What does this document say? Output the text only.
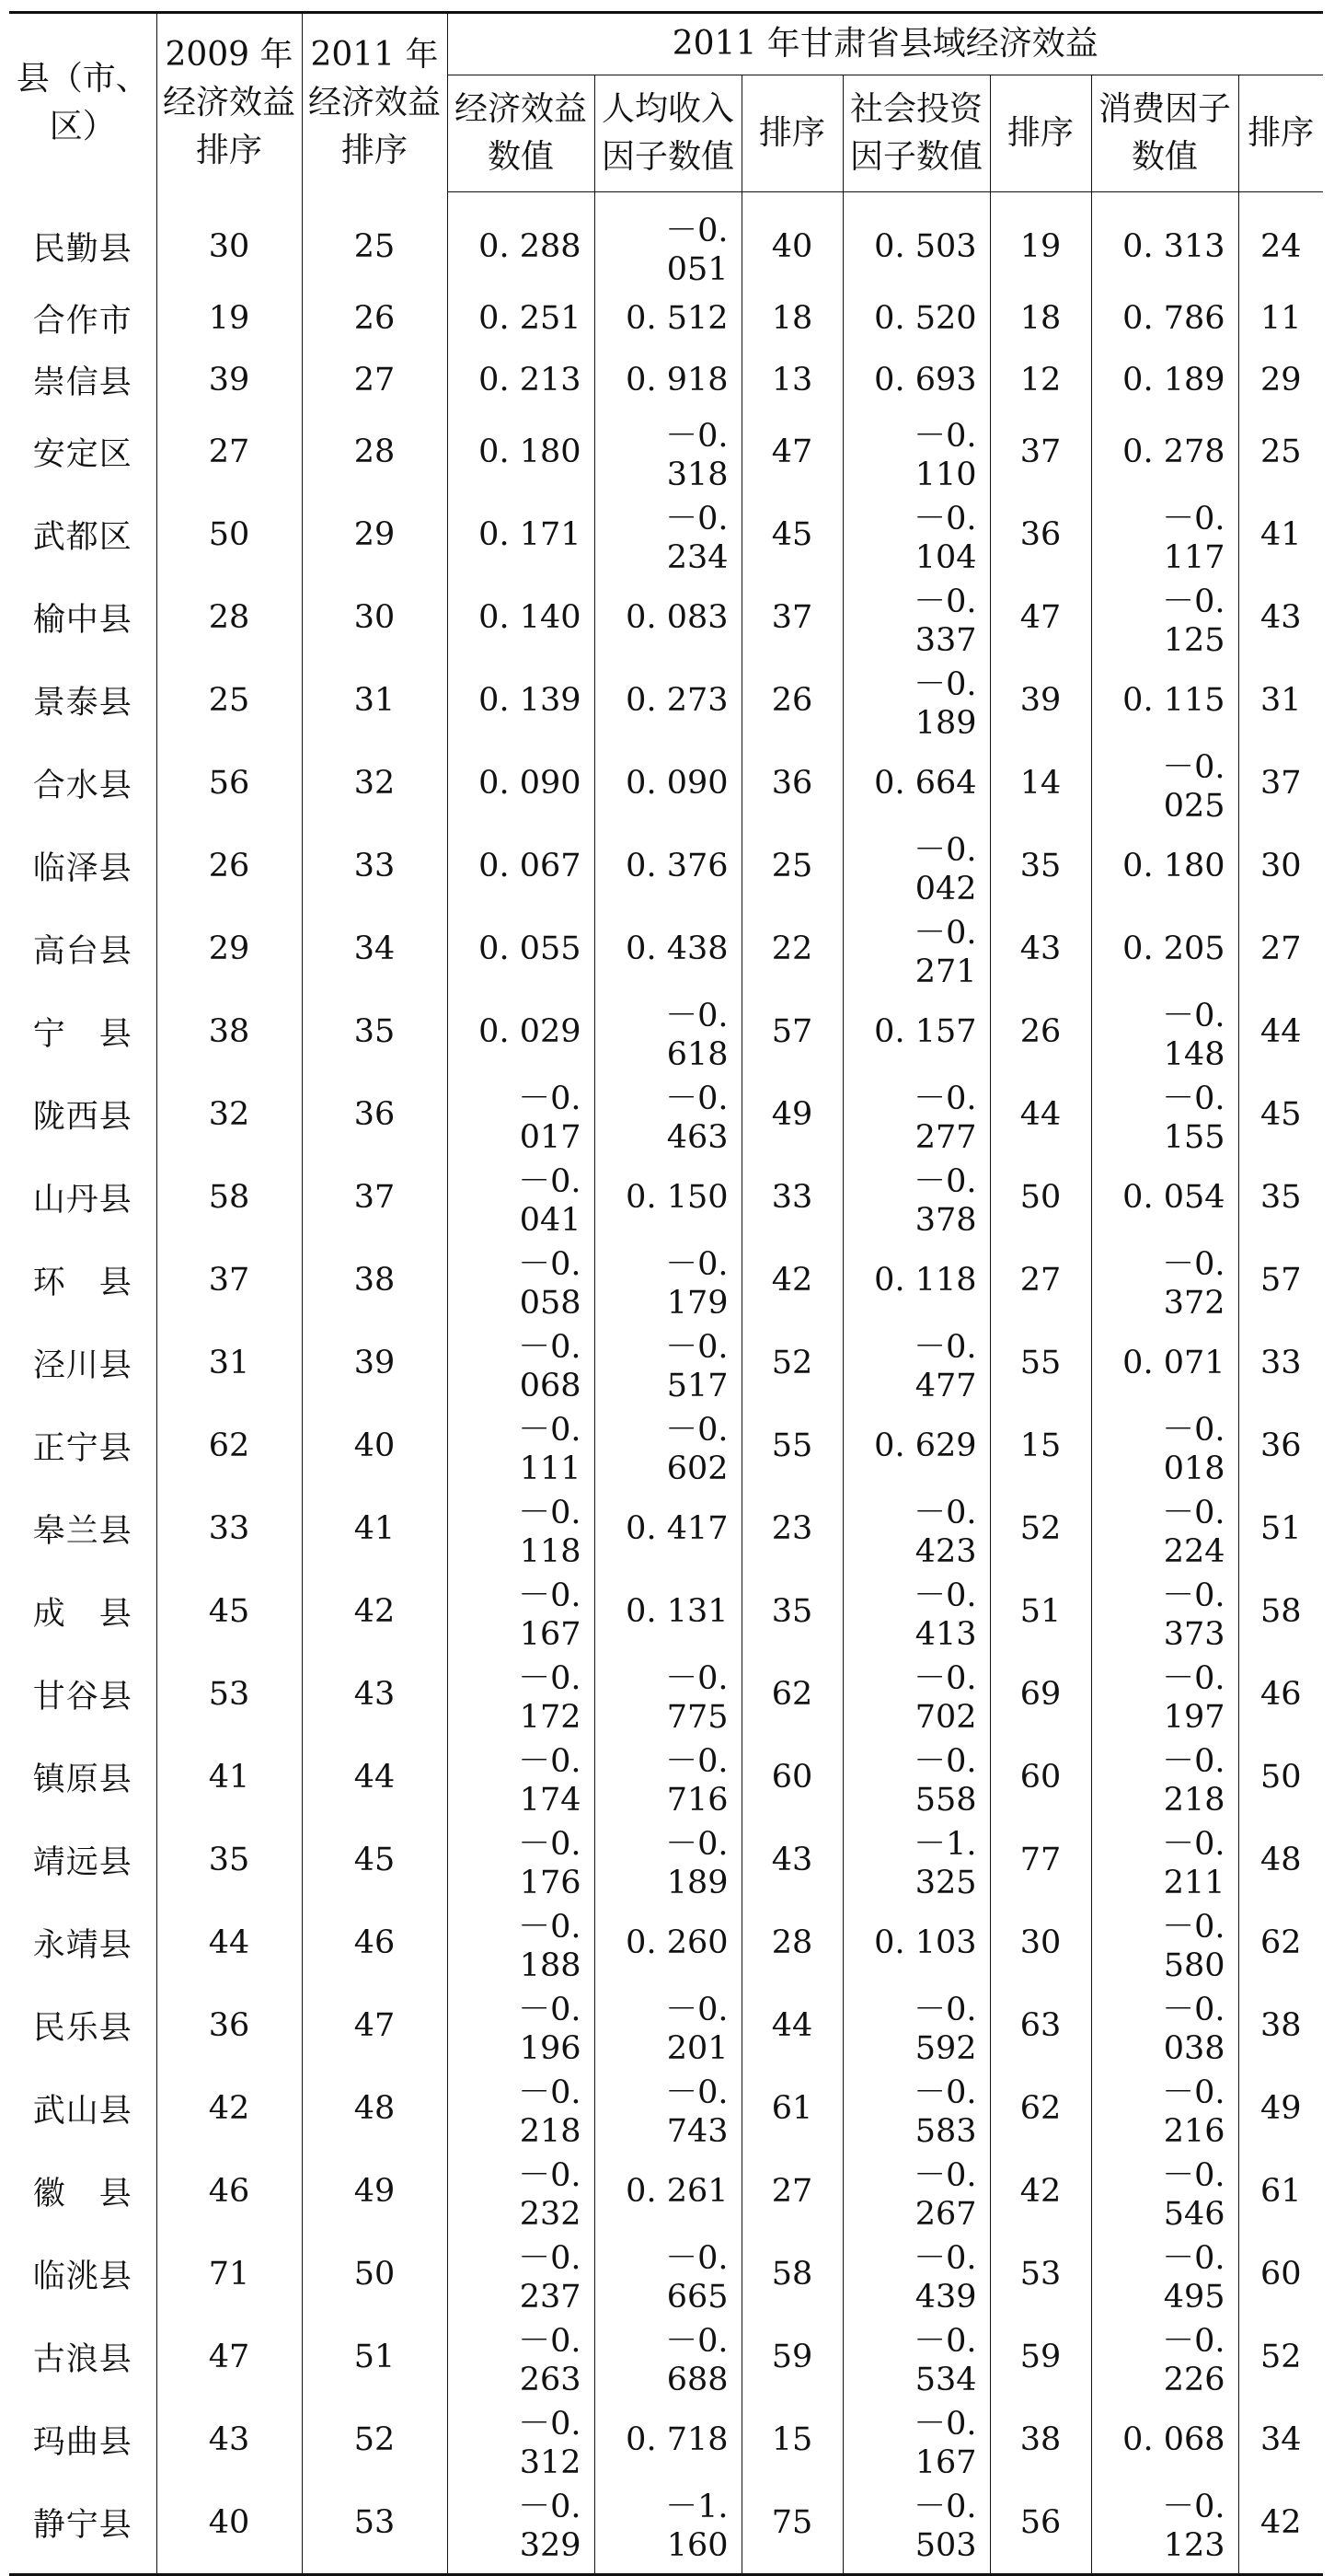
县（市、区）	2009 年经济效益排序	2011 年经济效益排序	2011 年甘肃省县域经济效益						
			经济效益数值	人均收入因子数值	排序	社会投资因子数值	排序	消费因子数值	排序
民勤县	30	25	0. 288	－0. 051	40	0. 503	19	0. 313	24
合作市	19	26	0. 251	0. 512	18	0. 520	18	0. 786	11
崇信县	39	27	0. 213	0. 918	13	0. 693	12	0. 189	29
安定区	27	28	0. 180	－0. 318	47	－0. 110	37	0. 278	25
武都区	50	29	0. 171	－0. 234	45	－0. 104	36	－0. 117	41
榆中县	28	30	0. 140	0. 083	37	－0. 337	47	－0. 125	43
景泰县	25	31	0. 139	0. 273	26	－0. 189	39	0. 115	31
合水县	56	32	0. 090	0. 090	36	0. 664	14	－0. 025	37
临泽县	26	33	0. 067	0. 376	25	－0. 042	35	0. 180	30
高台县	29	34	0. 055	0. 438	22	－0. 271	43	0. 205	27
宁　县	38	35	0. 029	－0. 618	57	0. 157	26	－0. 148	44
陇西县	32	36	－0. 017	－0. 463	49	－0. 277	44	－0. 155	45
山丹县	58	37	－0. 041	0. 150	33	－0. 378	50	0. 054	35
环　县	37	38	－0. 058	－0. 179	42	0. 118	27	－0. 372	57
泾川县	31	39	－0. 068	－0. 517	52	－0. 477	55	0. 071	33
正宁县	62	40	－0. 111	－0. 602	55	0. 629	15	－0. 018	36
皋兰县	33	41	－0. 118	0. 417	23	－0. 423	52	－0. 224	51
成　县	45	42	－0. 167	0. 131	35	－0. 413	51	－0. 373	58
甘谷县	53	43	－0. 172	－0. 775	62	－0. 702	69	－0. 197	46
镇原县	41	44	－0. 174	－0. 716	60	－0. 558	60	－0. 218	50
靖远县	35	45	－0. 176	－0. 189	43	－1. 325	77	－0. 211	48
永靖县	44	46	－0. 188	0. 260	28	0. 103	30	－0. 580	62
民乐县	36	47	－0. 196	－0. 201	44	－0. 592	63	－0. 038	38
武山县	42	48	－0. 218	－0. 743	61	－0. 583	62	－0. 216	49
徽　县	46	49	－0. 232	0. 261	27	－0. 267	42	－0. 546	61
临洮县	71	50	－0. 237	－0. 665	58	－0. 439	53	－0. 495	60
古浪县	47	51	－0. 263	－0. 688	59	－0. 534	59	－0. 226	52
玛曲县	43	52	－0. 312	0. 718	15	－0. 167	38	0. 068	34
静宁县	40	53	－0. 329	－1. 160	75	－0. 503	56	－0. 123	42
